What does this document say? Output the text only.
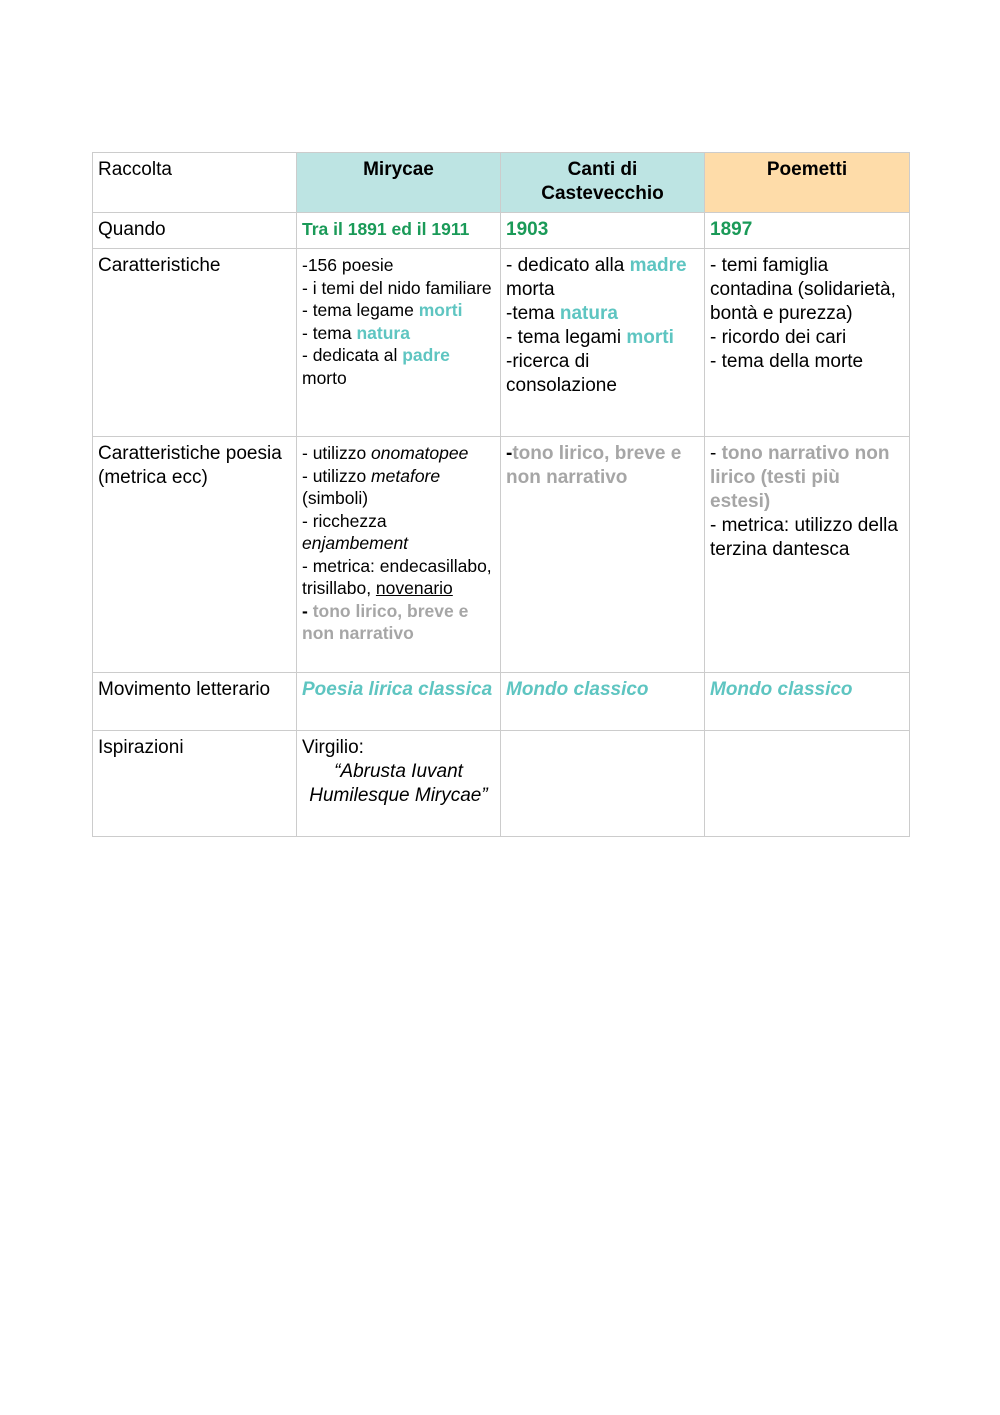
Raccolta	Mirycae	Canti di Castevecchio	Poemetti
Quando	Tra il 1891 ed il 1911	1903	1897
Caratteristiche	-156 poesie
- i temi del nido familiare
- tema legame morti
- tema natura
- dedicata al padre morto	- dedicato alla madre morta
-tema natura
- tema legami morti
-ricerca di consolazione	- temi famiglia contadina (solidarietà, bontà e purezza)
- ricordo dei cari
- tema della morte

Caratteristiche poesia (metrica ecc)	- utilizzo onomatopee
- utilizzo metafore (simboli)
- ricchezza enjambement
- metrica: endecasillabo, trisillabo, novenario
- tono lirico, breve e non narrativo	-tono lirico, breve e non narrativo	- tono narrativo non lirico (testi più estesi)
- metrica: utilizzo della terzina dantesca

Movimento letterario	Poesia lirica classica	Mondo classico	Mondo classico
Ispirazioni	Virgilio:
“Abrusta Iuvant Humilesque Mirycae”		
